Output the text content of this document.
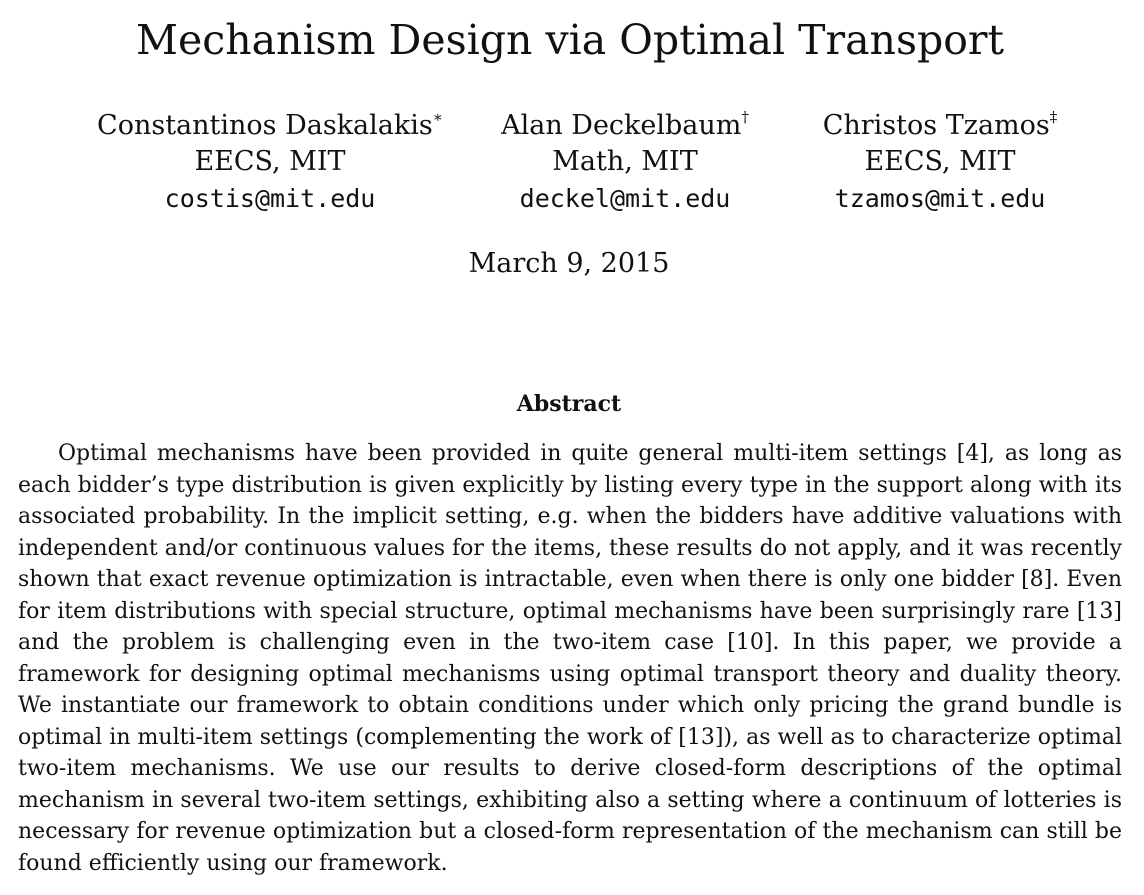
Mechanism Design via Optimal Transport
Constantinos Daskalakis∗
EECS, MIT
costis@mit.edu
Alan Deckelbaum†
Math, MIT
deckel@mit.edu
Christos Tzamos‡
EECS, MIT
tzamos@mit.edu
March 9, 2015
Abstract

Optimal mechanisms have been provided in quite general multi-item settings [4], as long as each bidder’s type distribution is given explicitly by listing every type in the support along with its associated probability. In the implicit setting, e.g. when the bidders have additive valuations with independent and/or continuous values for the items, these results do not apply, and it was recently shown that exact revenue optimization is intractable, even when there is only one bidder [8]. Even for item distributions with special structure, optimal mechanisms have been surprisingly rare [13] and the problem is challenging even in the two-item case [10]. In this paper, we provide a framework for designing optimal mechanisms using optimal transport theory and duality theory. We instantiate our framework to obtain conditions under which only pricing the grand bundle is optimal in multi-item settings (complementing the work of [13]), as well as to characterize optimal two-item mechanisms. We use our results to derive closed-form descriptions of the optimal mechanism in several two-item settings, exhibiting also a setting where a continuum of lotteries is necessary for revenue optimization but a closed-form representation of the mechanism can still be found efficiently using our framework.
